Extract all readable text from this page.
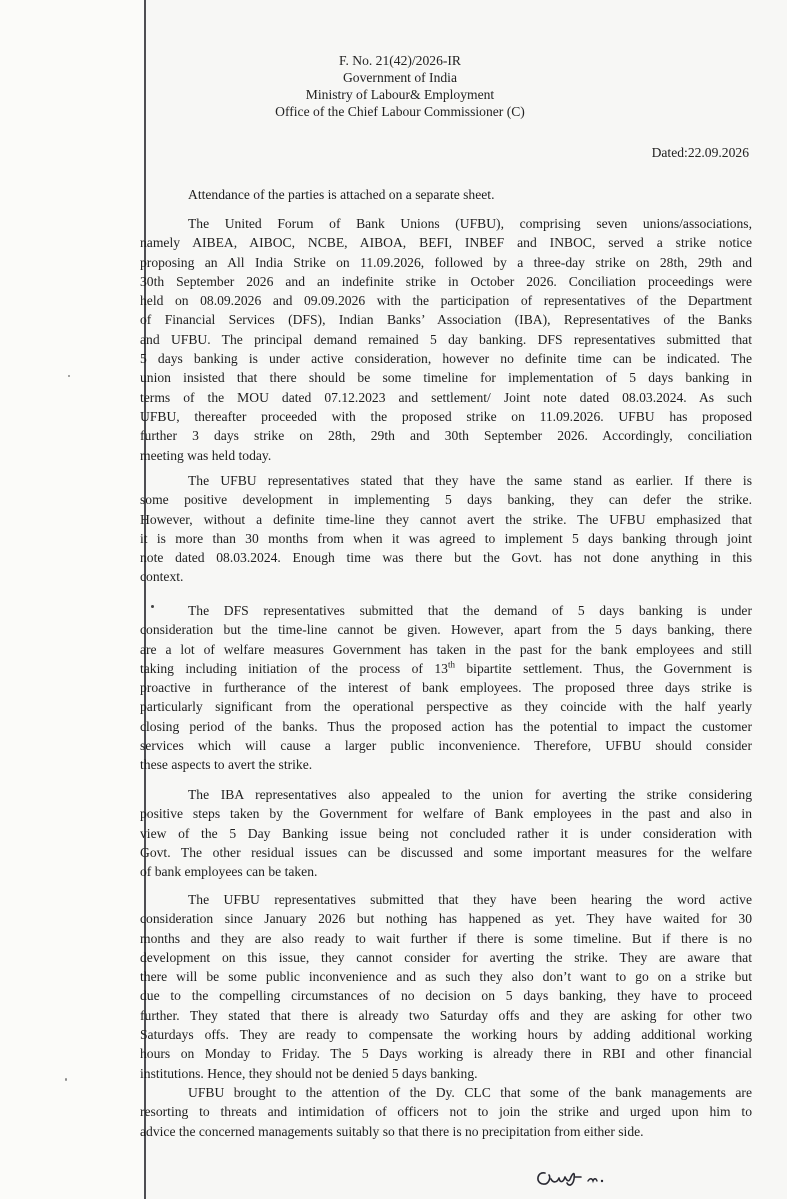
F. No. 21(42)/2026-IR
Government of India
Ministry of Labour& Employment
Office of the Chief Labour Commissioner (C)
Dated:22.09.2026
Attendance of the parties is attached on a separate sheet.
The United Forum of Bank Unions (UFBU), comprising seven unions/associations,
namely AIBEA, AIBOC, NCBE, AIBOA, BEFI, INBEF and INBOC, served a strike notice
proposing an All India Strike on 11.09.2026, followed by a three-day strike on 28th, 29th and
30th September 2026 and an indefinite strike in October 2026. Conciliation proceedings were
held on 08.09.2026 and 09.09.2026 with the participation of representatives of the Department
of Financial Services (DFS), Indian Banks’ Association (IBA), Representatives of the Banks
and UFBU. The principal demand remained 5 day banking. DFS representatives submitted that
5 days banking is under active consideration, however no definite time can be indicated. The
union insisted that there should be some timeline for implementation of 5 days banking in
terms of the MOU dated 07.12.2023 and settlement/ Joint note dated 08.03.2024. As such
UFBU, thereafter proceeded with the proposed strike on 11.09.2026. UFBU has proposed
further 3 days strike on 28th, 29th and 30th September 2026. Accordingly, conciliation
meeting was held today.
The UFBU representatives stated that they have the same stand as earlier. If there is
some positive development in implementing 5 days banking, they can defer the strike.
However, without a definite time-line they cannot avert the strike. The UFBU emphasized that
it is more than 30 months from when it was agreed to implement 5 days banking through joint
note dated 08.03.2024. Enough time was there but the Govt. has not done anything in this
context.
The DFS representatives submitted that the demand of 5 days banking is under
consideration but the time-line cannot be given. However, apart from the 5 days banking, there
are a lot of welfare measures Government has taken in the past for the bank employees and still
taking including initiation of the process of 13th bipartite settlement. Thus, the Government is
proactive in furtherance of the interest of bank employees. The proposed three days strike is
particularly significant from the operational perspective as they coincide with the half yearly
closing period of the banks. Thus the proposed action has the potential to impact the customer
services which will cause a larger public inconvenience. Therefore, UFBU should consider
these aspects to avert the strike.
The IBA representatives also appealed to the union for averting the strike considering
positive steps taken by the Government for welfare of Bank employees in the past and also in
view of the 5 Day Banking issue being not concluded rather it is under consideration with
Govt. The other residual issues can be discussed and some important measures for the welfare
of bank employees can be taken.
The UFBU representatives submitted that they have been hearing the word active
consideration since January 2026 but nothing has happened as yet. They have waited for 30
months and they are also ready to wait further if there is some timeline. But if there is no
development on this issue, they cannot consider for averting the strike. They are aware that
there will be some public inconvenience and as such they also don’t want to go on a strike but
due to the compelling circumstances of no decision on 5 days banking, they have to proceed
further. They stated that there is already two Saturday offs and they are asking for other two
Saturdays offs. They are ready to compensate the working hours by adding additional working
hours on Monday to Friday. The 5 Days working is already there in RBI and other financial
institutions. Hence, they should not be denied 5 days banking.
UFBU brought to the attention of the Dy. CLC that some of the bank managements are
resorting to threats and intimidation of officers not to join the strike and urged upon him to
advice the concerned managements suitably so that there is no precipitation from either side.
